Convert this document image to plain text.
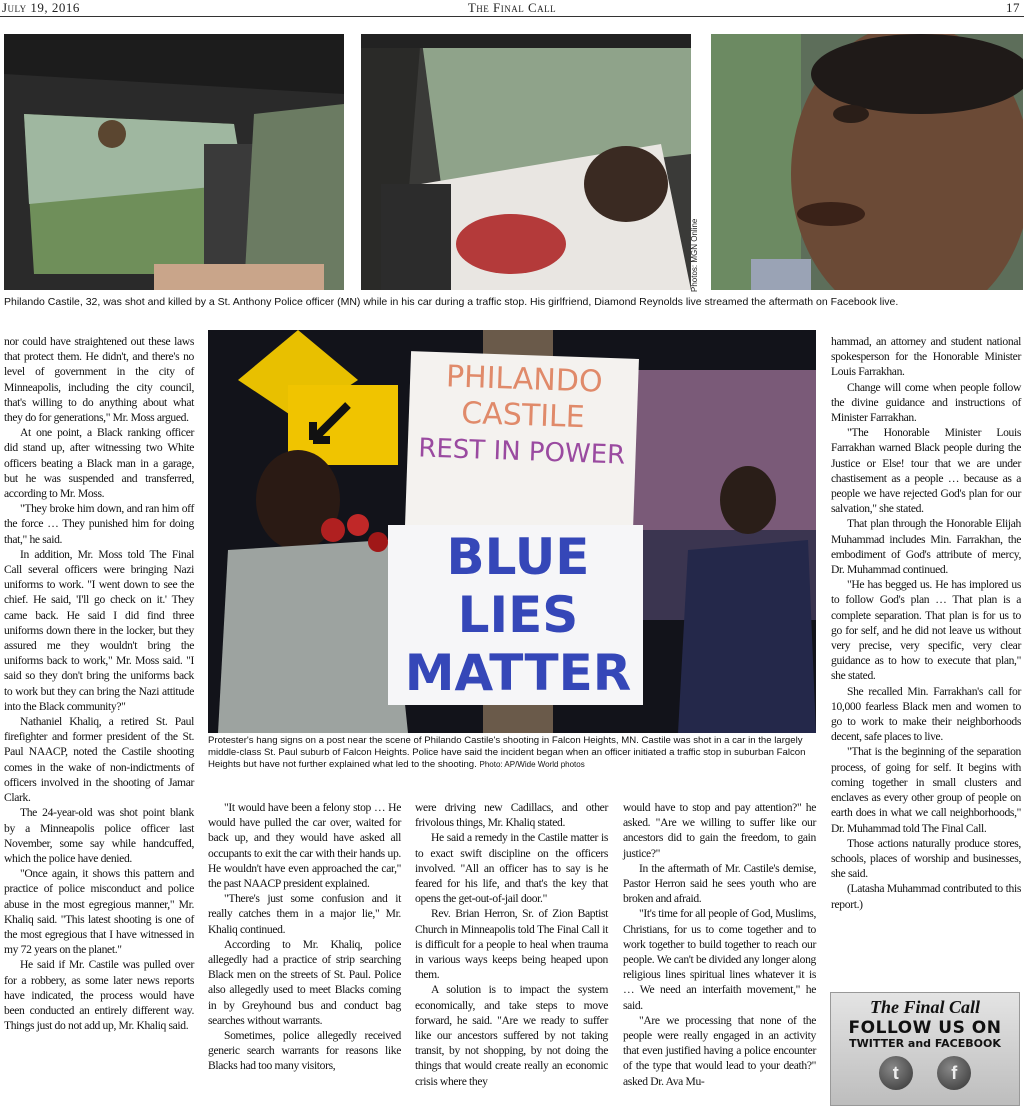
July 19, 2016	The Final Call	17
Photos: MGN Online
Philando Castile, 32, was shot and killed by a St. Anthony Police officer (MN) while in his car during a traffic stop. His girlfriend, Diamond Reynolds live streamed the aftermath on Facebook live.
PHILANDO
CASTILE
REST IN POWER
BLUE
LIES
MATTER
Protester's hang signs on a post near the scene of Philando Castile's shooting in Falcon Heights, MN. Castile was shot in a car in the largely middle-class St. Paul suburb of Falcon Heights. Police have said the incident began when an officer initiated a traffic stop in suburban Falcon Heights but have not further explained what led to the shooting. Photo: AP/Wide World photos

nor could have straightened out these laws that protect them. He didn't, and there's no level of government in the city of Minneapolis, including the city council, that's willing to do anything about what they do for generations," Mr. Moss argued.

At one point, a Black ranking officer did stand up, after witnessing two White officers beating a Black man in a garage, but he was suspended and transferred, according to Mr. Moss.

"They broke him down, and ran him off the force … They punished him for doing that," he said.

In addition, Mr. Moss told The Final Call several officers were bringing Nazi uniforms to work. "I went down to see the chief. He said, 'I'll go check on it.' They came back. He said I did find three uniforms down there in the locker, but they assured me they wouldn't bring the uniforms back to work," Mr. Moss said. "I said so they don't bring the uniforms back to work but they can bring the Nazi attitude into the Black community?"

Nathaniel Khaliq, a retired St. Paul firefighter and former president of the St. Paul NAACP, noted the Castile shooting comes in the wake of non-indictments of officers involved in the shooting of Jamar Clark.

The 24-year-old was shot point blank by a Minneapolis police officer last November, some say while handcuffed, which the police have denied.

"Once again, it shows this pattern and practice of police misconduct and police abuse in the most egregious manner," Mr. Khaliq said. "This latest shooting is one of the most egregious that I have witnessed in my 72 years on the planet."

He said if Mr. Castile was pulled over for a robbery, as some later news reports have indicated, the process would have been conducted an entirely different way. Things just do not add up, Mr. Khaliq said.

"It would have been a felony stop … He would have pulled the car over, waited for back up, and they would have asked all occupants to exit the car with their hands up. He wouldn't have even approached the car," the past NAACP president explained.

"There's just some confusion and it really catches them in a major lie," Mr. Khaliq continued.

According to Mr. Khaliq, police allegedly had a practice of strip searching Black men on the streets of St. Paul. Police also allegedly used to meet Blacks coming in by Greyhound bus and conduct bag searches without warrants.

Sometimes, police allegedly received generic search warrants for reasons like Blacks had too many visitors,

were driving new Cadillacs, and other frivolous things, Mr. Khaliq stated.

He said a remedy in the Castile matter is to exact swift discipline on the officers involved. "All an officer has to say is he feared for his life, and that's the key that opens the get-out-of-jail door."

Rev. Brian Herron, Sr. of Zion Baptist Church in Minneapolis told The Final Call it is difficult for a people to heal when trauma in various ways keeps being heaped upon them.

A solution is to impact the system economically, and take steps to move forward, he said. "Are we ready to suffer like our ancestors suffered by not taking transit, by not shopping, by not doing the things that would create really an economic crisis where they

would have to stop and pay attention?" he asked. "Are we willing to suffer like our ancestors did to gain the freedom, to gain justice?"

In the aftermath of Mr. Castile's demise, Pastor Herron said he sees youth who are broken and afraid.

"It's time for all people of God, Muslims, Christians, for us to come together and to work together to build together to reach our people. We can't be divided any longer along religious lines spiritual lines whatever it is … We need an interfaith movement," he said.

"Are we processing that none of the people were really engaged in an activity that even justified having a police encounter of the type that would lead to your death?" asked Dr. Ava Mu-

hammad, an attorney and student national spokesperson for the Honorable Minister Louis Farrakhan.

Change will come when people follow the divine guidance and instructions of Minister Farrakhan.

"The Honorable Minister Louis Farrakhan warned Black people during the Justice or Else! tour that we are under chastisement as a people … because as a people we have rejected God's plan for our salvation," she stated.

That plan through the Honorable Elijah Muhammad includes Min. Farrakhan, the embodiment of God's attribute of mercy, Dr. Muhammad continued.

"He has begged us. He has implored us to follow God's plan … That plan is a complete separation. That plan is for us to go for self, and he did not leave us without very precise, very specific, very clear guidance as to how to execute that plan," she stated.

She recalled Min. Farrakhan's call for 10,000 fearless Black men and women to go to work to make their neighborhoods decent, safe places to live.

"That is the beginning of the separation process, of going for self. It begins with coming together in small clusters and enclaves as every other group of people on earth does in what we call neighborhoods," Dr. Muhammad told The Final Call.

Those actions naturally produce stores, schools, places of worship and businesses, she said.

(Latasha Muhammad contributed to this report.)

The Final Call
FOLLOW US ON
TWITTER and FACEBOOK
t	f
